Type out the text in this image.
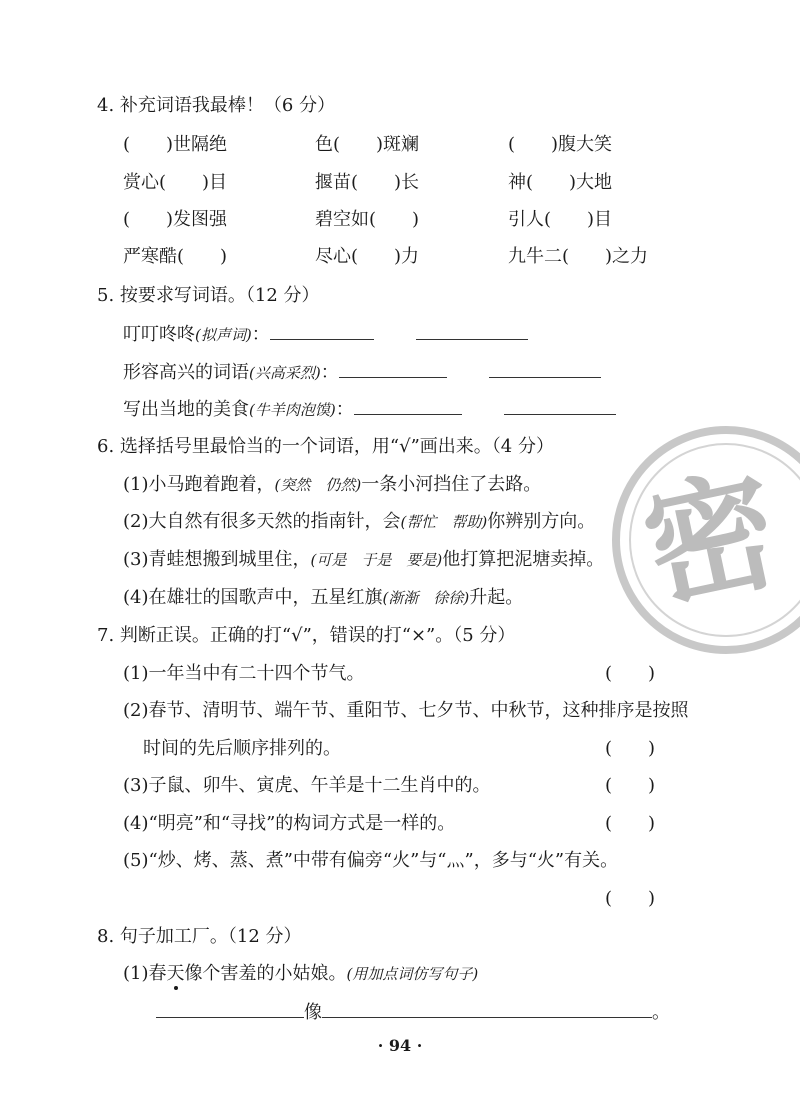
4. 补充词语我最棒！（6 分）
(　　)世隔绝	色(　　)斑斓	(　　)腹大笑
赏心(　　)目	揠苗(　　)长	神(　　)大地
(　　)发图强	碧空如(　　)	引人(　　)目
严寒酷(　　)	尽心(　　)力	九牛二(　　)之力
5. 按要求写词语。（12 分）
叮叮咚咚(拟声词)：
形容高兴的词语(兴高采烈)：
写出当地的美食(牛羊肉泡馍)：
6. 选择括号里最恰当的一个词语，用“√”画出来。（4 分）
(1)小马跑着跑着，(突然　仍然)一条小河挡住了去路。
(2)大自然有很多天然的指南针，会(帮忙　帮助)你辨别方向。
(3)青蛙想搬到城里住，(可是　于是　要是)他打算把泥塘卖掉。
(4)在雄壮的国歌声中，五星红旗(渐渐　徐徐)升起。
7. 判断正误。正确的打“√”，错误的打“×”。（5 分）
(1)一年当中有二十四个节气。	(　　)
(2)春节、清明节、端午节、重阳节、七夕节、中秋节，这种排序是按照
时间的先后顺序排列的。	(　　)
(3)子鼠、卯牛、寅虎、午羊是十二生肖中的。	(　　)
(4)“明亮”和“寻找”的构词方式是一样的。	(　　)
(5)“炒、烤、蒸、煮”中带有偏旁“火”与“灬”，多与“火”有关。
(　　)
8. 句子加工厂。（12 分）
(1)春天像个害羞的小姑娘。(用加点词仿写句子)
像	。
密
· 94 ·
